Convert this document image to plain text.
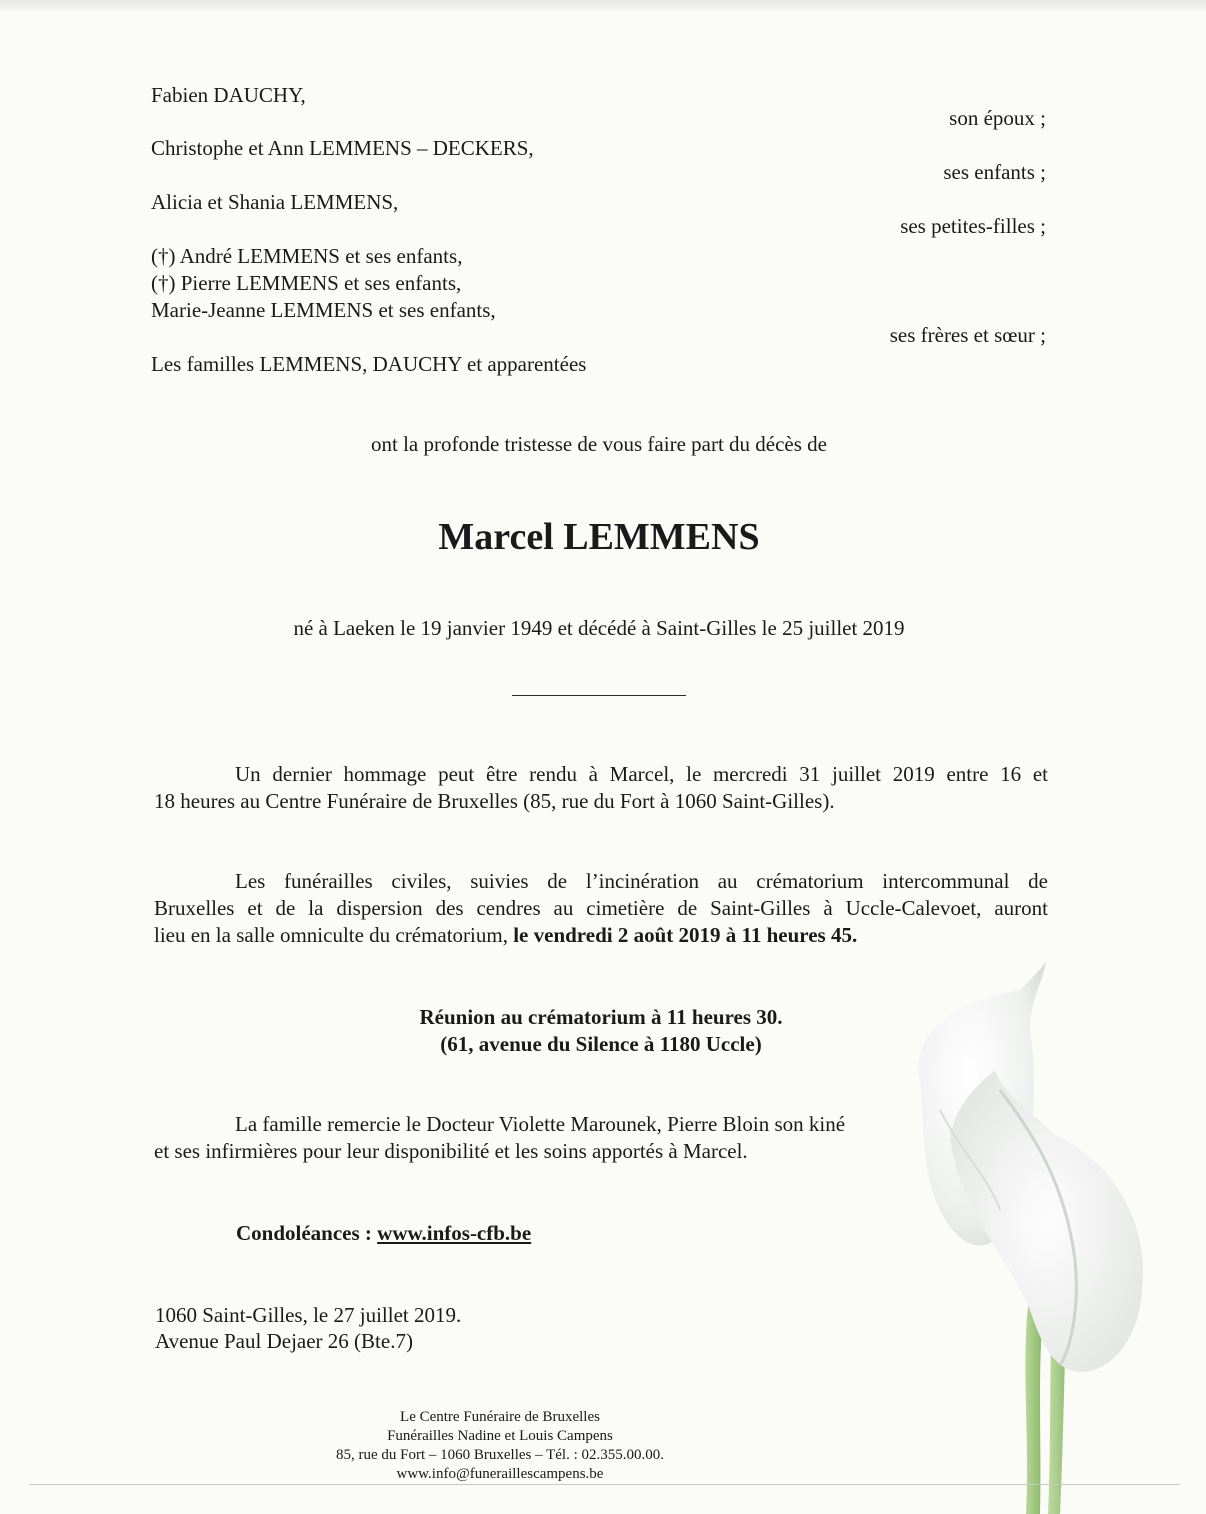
Fabien DAUCHY,
son époux ;
Christophe et Ann LEMMENS – DECKERS,
ses enfants ;
Alicia et Shania LEMMENS,
ses petites-filles ;
(†) André LEMMENS et ses enfants,
(†) Pierre LEMMENS et ses enfants,
Marie-Jeanne LEMMENS et ses enfants,
ses frères et sœur ;
Les familles LEMMENS, DAUCHY et apparentées
ont la profonde tristesse de vous faire part du décès de
Marcel LEMMENS
né à Laeken le 19 janvier 1949 et décédé à Saint-Gilles le 25 juillet 2019
Un dernier hommage peut être rendu à Marcel, le mercredi 31 juillet 2019 entre 16 et
18 heures au Centre Funéraire de Bruxelles (85, rue du Fort à 1060 Saint-Gilles).
Les funérailles civiles, suivies de l’incinération au crématorium intercommunal de
Bruxelles et de la dispersion des cendres au cimetière de Saint-Gilles à Uccle-Calevoet, auront
lieu en la salle omniculte du crématorium, le vendredi 2 août 2019 à 11 heures 45.
Réunion au crématorium à 11 heures 30.
(61, avenue du Silence à 1180 Uccle)
La famille remercie le Docteur Violette Marounek, Pierre Bloin son kiné
et ses infirmières pour leur disponibilité et les soins apportés à Marcel.
Condoléances : www.infos-cfb.be
1060 Saint-Gilles, le 27 juillet 2019.
Avenue Paul Dejaer 26 (Bte.7)
Le Centre Funéraire de Bruxelles
Funérailles Nadine et Louis Campens
85, rue du Fort – 1060 Bruxelles – Tél. : 02.355.00.00.
www.info@funeraillescampens.be
